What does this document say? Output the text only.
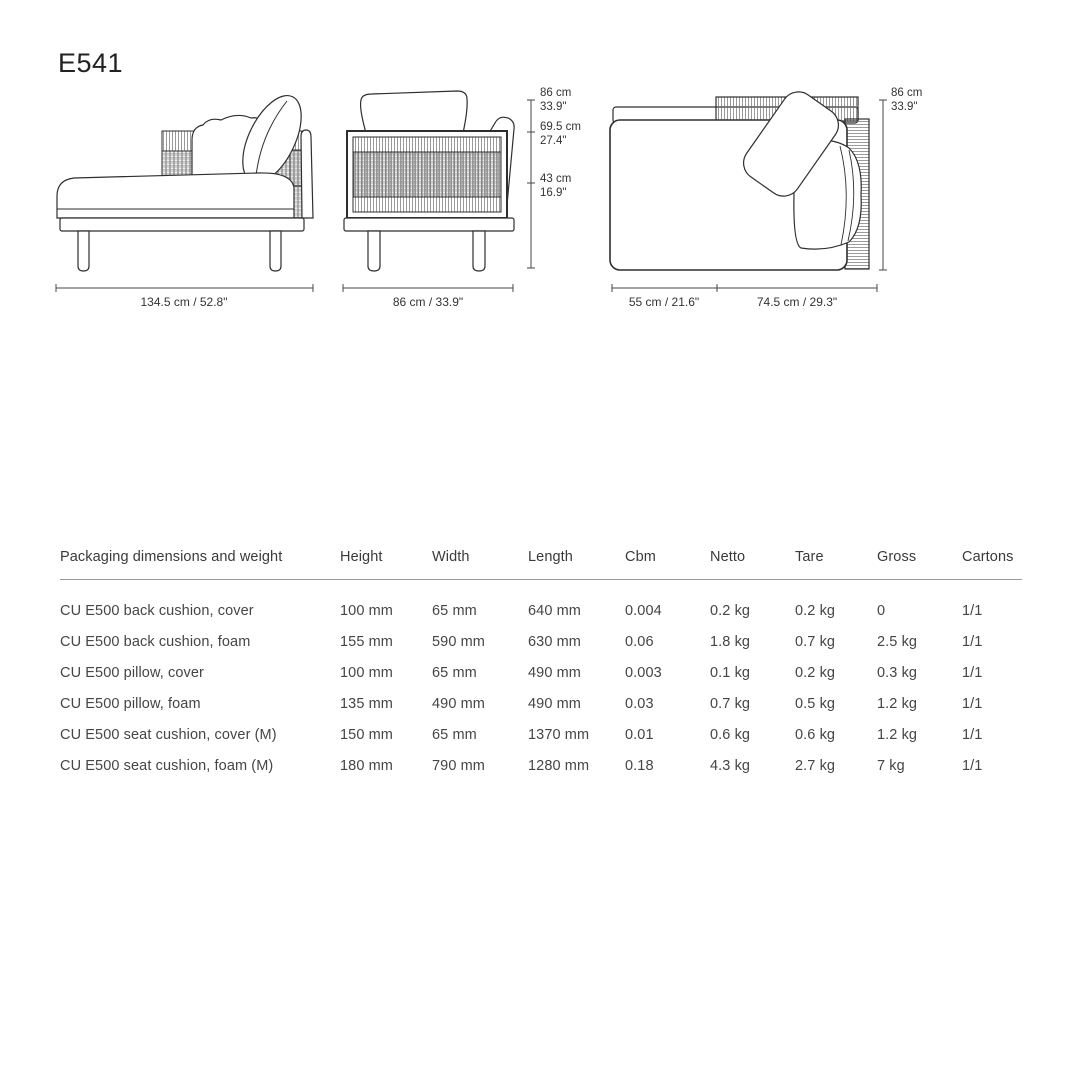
E541
134.5 cm / 52.8"	86 cm / 33.9"
86 cm
33.9"
69.5 cm
27.4"
43 cm
16.9"
55 cm / 21.6"	74.5 cm / 29.3"
86 cm
33.9"
Packaging dimensions and weight	Height	Width	Length	Cbm	Netto	Tare	Gross	Cartons
CU E500 back cushion, cover	100 mm	65 mm	640 mm	0.004	0.2 kg	0.2 kg	0	1/1
CU E500 back cushion, foam	155 mm	590 mm	630 mm	0.06	1.8 kg	0.7 kg	2.5 kg	1/1
CU E500 pillow, cover	100 mm	65 mm	490 mm	0.003	0.1 kg	0.2 kg	0.3 kg	1/1
CU E500 pillow, foam	135 mm	490 mm	490 mm	0.03	0.7 kg	0.5 kg	1.2 kg	1/1
CU E500 seat cushion, cover (M)	150 mm	65 mm	1370 mm	0.01	0.6 kg	0.6 kg	1.2 kg	1/1
CU E500 seat cushion, foam (M)	180 mm	790 mm	1280 mm	0.18	4.3 kg	2.7 kg	7 kg	1/1
